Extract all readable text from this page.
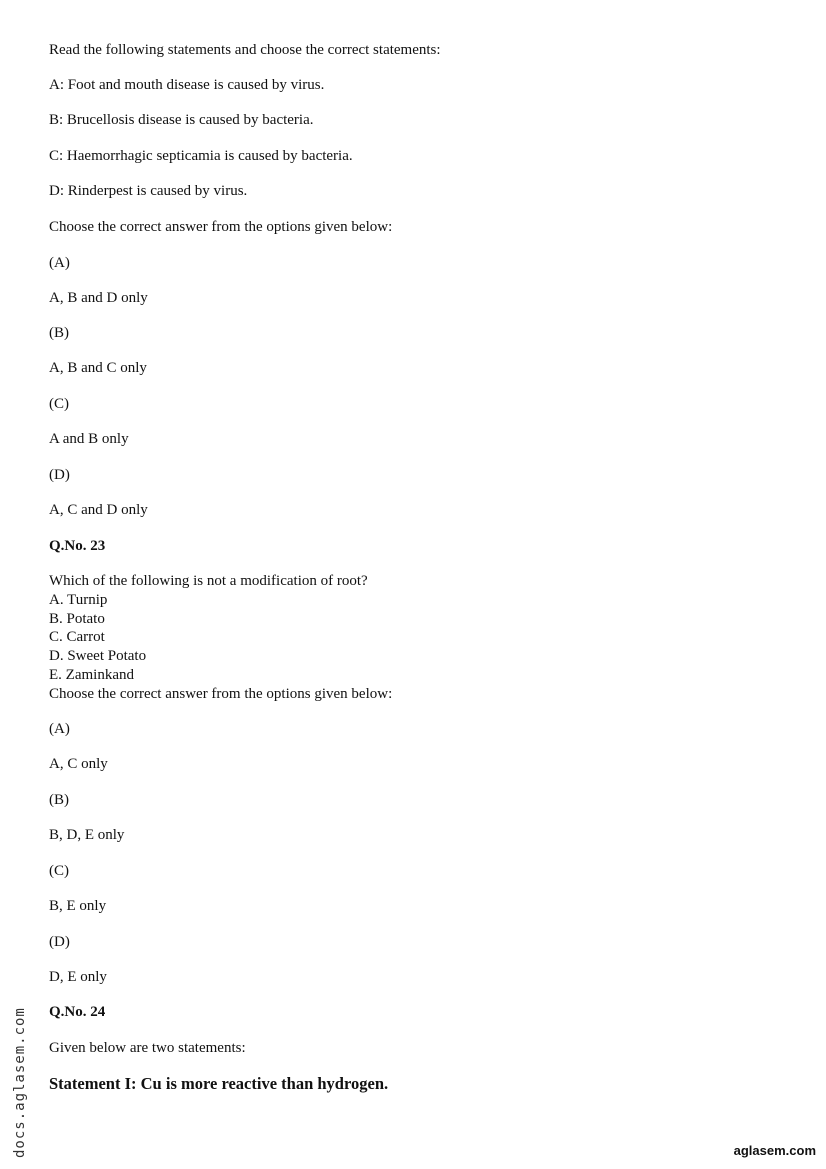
Read the following statements and choose the correct statements:
A: Foot and mouth disease is caused by virus.
B: Brucellosis disease is caused by bacteria.
C: Haemorrhagic septicamia is caused by bacteria.
D: Rinderpest is caused by virus.
Choose the correct answer from the options given below:
(A)
A, B and D only
(B)
A, B and C only
(C)
A and B only
(D)
A, C and D only
Q.No. 23
Which of the following is not a modification of root?
A. Turnip
B. Potato
C. Carrot
D. Sweet Potato
E. Zaminkand
Choose the correct answer from the options given below:
(A)
A, C only
(B)
B, D, E only
(C)
B, E only
(D)
D, E only
Q.No. 24
Given below are two statements:
Statement I: Cu is more reactive than hydrogen.
docs.aglasem.com	aglasem.com
